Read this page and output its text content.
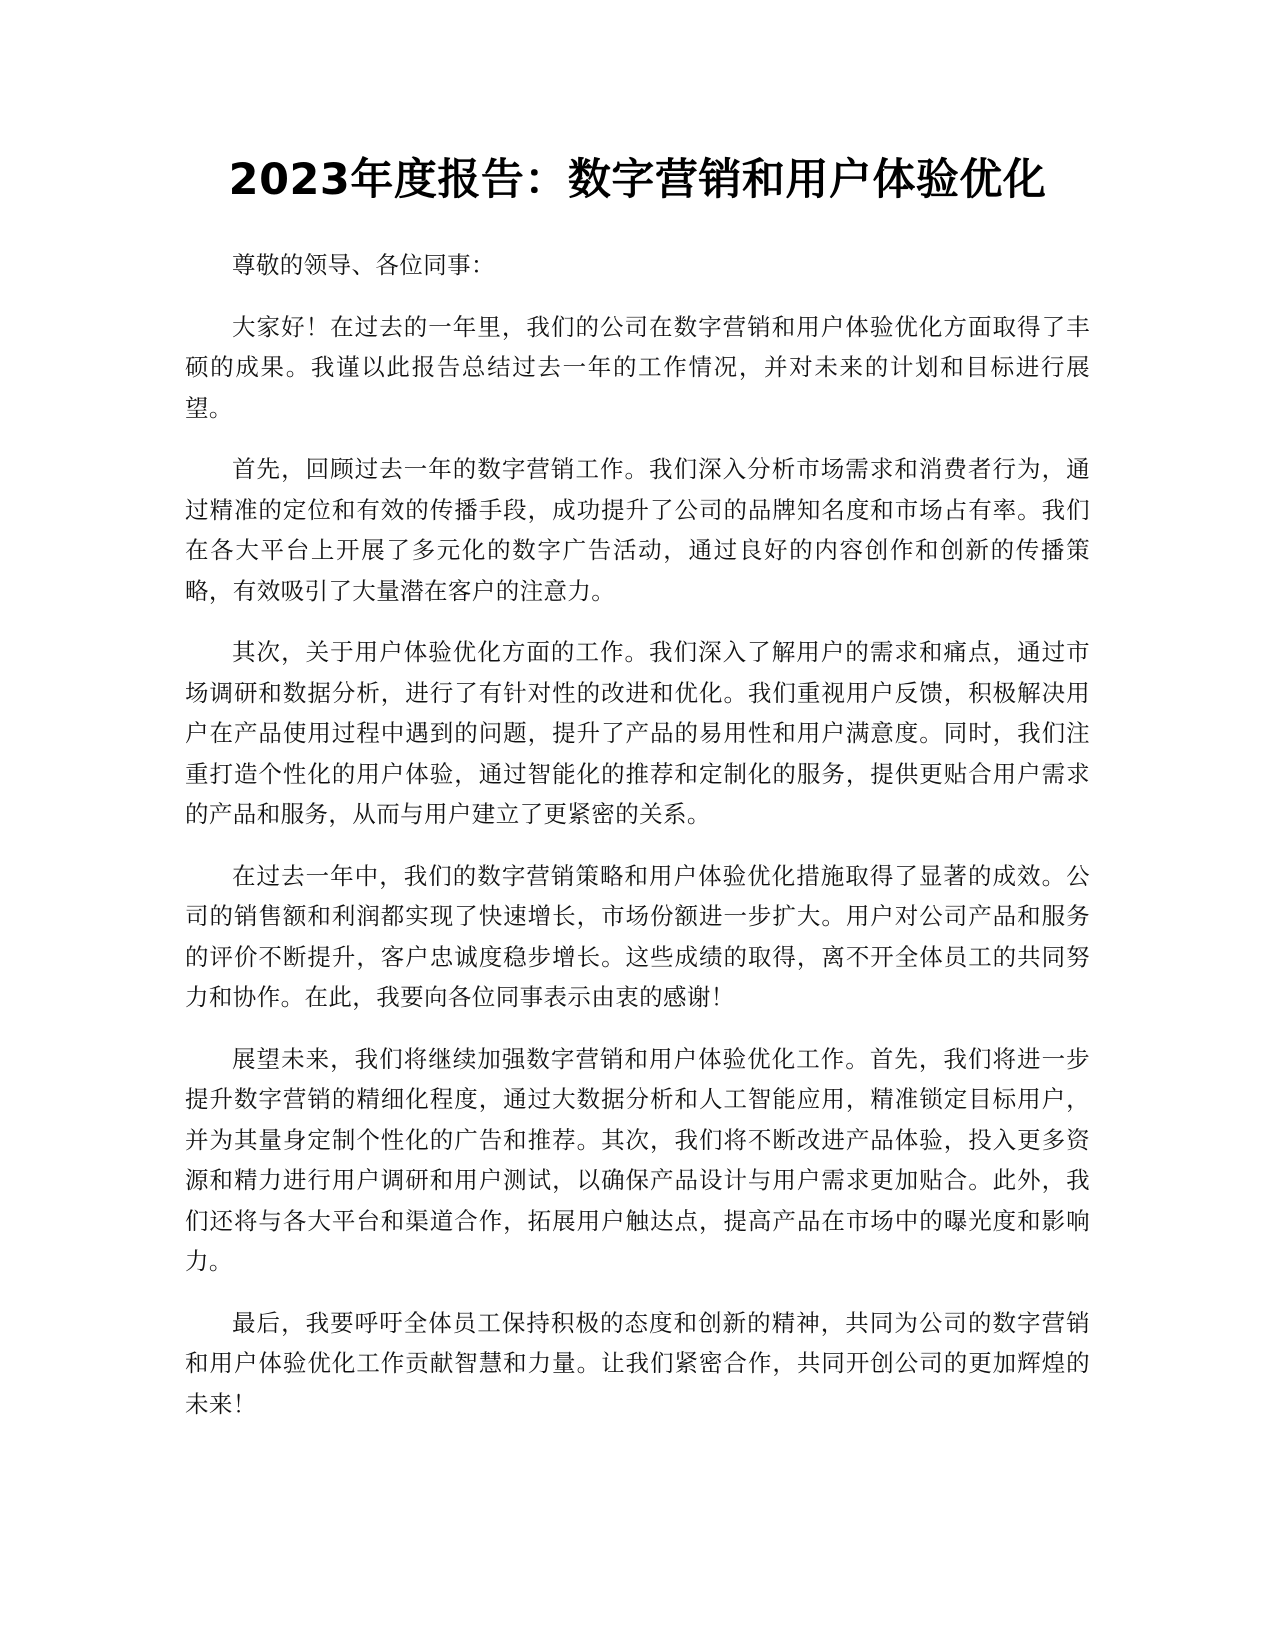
2023年度报告：数字营销和用户体验优化

尊敬的领导、各位同事：

大家好！在过去的一年里，我们的公司在数字营销和用户体验优化方面取得了丰硕的成果。我谨以此报告总结过去一年的工作情况，并对未来的计划和目标进行展望。

首先，回顾过去一年的数字营销工作。我们深入分析市场需求和消费者行为，通过精准的定位和有效的传播手段，成功提升了公司的品牌知名度和市场占有率。我们在各大平台上开展了多元化的数字广告活动，通过良好的内容创作和创新的传播策略，有效吸引了大量潜在客户的注意力。

其次，关于用户体验优化方面的工作。我们深入了解用户的需求和痛点，通过市场调研和数据分析，进行了有针对性的改进和优化。我们重视用户反馈，积极解决用户在产品使用过程中遇到的问题，提升了产品的易用性和用户满意度。同时，我们注重打造个性化的用户体验，通过智能化的推荐和定制化的服务，提供更贴合用户需求的产品和服务，从而与用户建立了更紧密的关系。

在过去一年中，我们的数字营销策略和用户体验优化措施取得了显著的成效。公司的销售额和利润都实现了快速增长，市场份额进一步扩大。用户对公司产品和服务的评价不断提升，客户忠诚度稳步增长。这些成绩的取得，离不开全体员工的共同努力和协作。在此，我要向各位同事表示由衷的感谢！

展望未来，我们将继续加强数字营销和用户体验优化工作。首先，我们将进一步提升数字营销的精细化程度，通过大数据分析和人工智能应用，精准锁定目标用户，并为其量身定制个性化的广告和推荐。其次，我们将不断改进产品体验，投入更多资源和精力进行用户调研和用户测试，以确保产品设计与用户需求更加贴合。此外，我们还将与各大平台和渠道合作，拓展用户触达点，提高产品在市场中的曝光度和影响力。

最后，我要呼吁全体员工保持积极的态度和创新的精神，共同为公司的数字营销和用户体验优化工作贡献智慧和力量。让我们紧密合作，共同开创公司的更加辉煌的未来！
